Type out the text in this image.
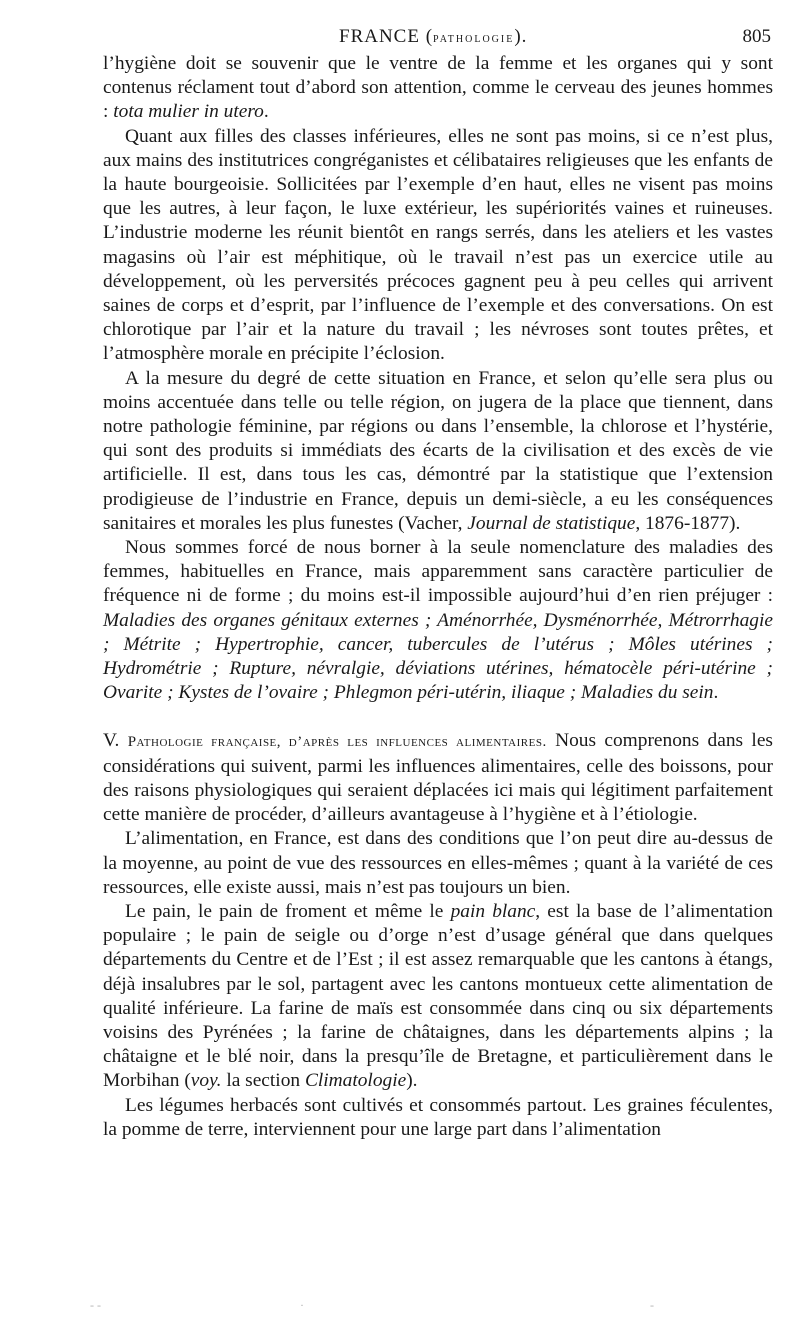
FRANCE (pathologie).	805

l’hygiène doit se souvenir que le ventre de la femme et les organes qui y sont contenus réclament tout d’abord son attention, comme le cerveau des jeunes hommes : tota mulier in utero.

Quant aux filles des classes inférieures, elles ne sont pas moins, si ce n’est plus, aux mains des institutrices congréganistes et célibataires religieuses que les enfants de la haute bourgeoisie. Sollicitées par l’exemple d’en haut, elles ne visent pas moins que les autres, à leur façon, le luxe extérieur, les supériorités vaines et ruineuses. L’industrie moderne les réunit bientôt en rangs serrés, dans les ateliers et les vastes magasins où l’air est méphitique, où le travail n’est pas un exercice utile au développement, où les perversités précoces gagnent peu à peu celles qui arrivent saines de corps et d’esprit, par l’influence de l’exemple et des conversations. On est chlorotique par l’air et la nature du travail ; les névroses sont toutes prêtes, et l’atmosphère morale en précipite l’éclosion.

A la mesure du degré de cette situation en France, et selon qu’elle sera plus ou moins accentuée dans telle ou telle région, on jugera de la place que tiennent, dans notre pathologie féminine, par régions ou dans l’ensemble, la chlorose et l’hystérie, qui sont des produits si immédiats des écarts de la civilisation et des excès de vie artificielle. Il est, dans tous les cas, démontré par la statistique que l’extension prodigieuse de l’industrie en France, depuis un demi-siècle, a eu les conséquences sanitaires et morales les plus funestes (Vacher, Journal de statistique, 1876-1877).

Nous sommes forcé de nous borner à la seule nomenclature des maladies des femmes, habituelles en France, mais apparemment sans caractère particulier de fréquence ni de forme ; du moins est-il impossible aujourd’hui d’en rien préjuger : Maladies des organes génitaux externes ; Aménorrhée, Dysménorrhée, Métrorrhagie ; Métrite ; Hypertrophie, cancer, tubercules de l’utérus ; Môles utérines ; Hydrométrie ; Rupture, névralgie, déviations utérines, hématocèle péri-utérine ; Ovarite ; Kystes de l’ovaire ; Phlegmon péri-utérin, iliaque ; Maladies du sein.

V. Pathologie française, d’après les influences alimentaires. Nous comprenons dans les considérations qui suivent, parmi les influences alimentaires, celle des boissons, pour des raisons physiologiques qui seraient déplacées ici mais qui légitiment parfaitement cette manière de procéder, d’ailleurs avantageuse à l’hygiène et à l’étiologie.

L’alimentation, en France, est dans des conditions que l’on peut dire au-dessus de la moyenne, au point de vue des ressources en elles-mêmes ; quant à la variété de ces ressources, elle existe aussi, mais n’est pas toujours un bien.

Le pain, le pain de froment et même le pain blanc, est la base de l’alimentation populaire ; le pain de seigle ou d’orge n’est d’usage général que dans quelques départements du Centre et de l’Est ; il est assez remarquable que les cantons à étangs, déjà insalubres par le sol, partagent avec les cantons montueux cette alimentation de qualité inférieure. La farine de maïs est consommée dans cinq ou six départements voisins des Pyrénées ; la farine de châtaignes, dans les départements alpins ; la châtaigne et le blé noir, dans la presqu’île de Bretagne, et particulièrement dans le Morbihan (voy. la section Climatologie).

Les légumes herbacés sont cultivés et consommés partout. Les graines féculentes, la pomme de terre, interviennent pour une large part dans l’alimentation

‐ ‐	·	‐
